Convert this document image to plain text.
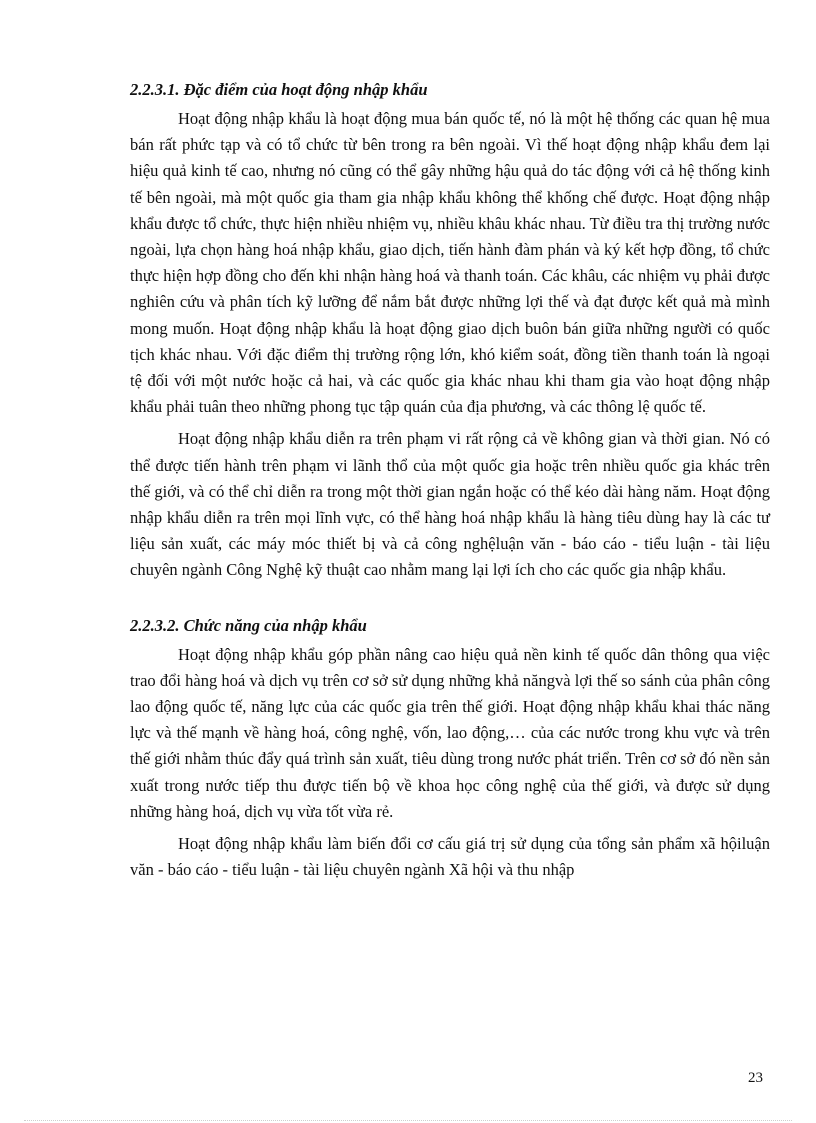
2.2.3.1. Đặc điểm của hoạt động nhập khẩu

Hoạt động nhập khẩu là hoạt động mua bán quốc tế, nó là một hệ thống các quan hệ mua bán rất phức tạp và có tổ chức từ bên trong ra bên ngoài. Vì thế hoạt động nhập khẩu đem lại hiệu quả kinh tế cao, nhưng nó cũng có thể gây những hậu quả do tác động với cả hệ thống kinh tế bên ngoài, mà một quốc gia tham gia nhập khẩu không thể khống chế được. Hoạt động nhập khẩu được tổ chức, thực hiện nhiều nhiệm vụ, nhiều khâu khác nhau. Từ điều tra thị trường nước ngoài, lựa chọn hàng hoá nhập khẩu, giao dịch, tiến hành đàm phán và ký kết hợp đồng, tổ chức thực hiện hợp đồng cho đến khi nhận hàng hoá và thanh toán. Các khâu, các nhiệm vụ phải được nghiên cứu và phân tích kỹ lưỡng để nắm bắt được những lợi thế và đạt được kết quả mà mình mong muốn. Hoạt động nhập khẩu là hoạt động giao dịch buôn bán giữa những người có quốc tịch khác nhau. Với đặc điểm thị trường rộng lớn, khó kiểm soát, đồng tiền thanh toán là ngoại tệ đối với một nước hoặc cả hai, và các quốc gia khác nhau khi tham gia vào hoạt động nhập khẩu phải tuân theo những phong tục tập quán của địa phương, và các thông lệ quốc tế.

Hoạt động nhập khẩu diễn ra trên phạm vi rất rộng cả về không gian và thời gian. Nó có thể được tiến hành trên phạm vi lãnh thổ của một quốc gia hoặc trên nhiều quốc gia khác trên thế giới, và có thể chỉ diễn ra trong một thời gian ngắn hoặc có thể kéo dài hàng năm. Hoạt động nhập khẩu diễn ra trên mọi lĩnh vực, có thể hàng hoá nhập khẩu là hàng tiêu dùng hay là các tư liệu sản xuất, các máy móc thiết bị và cả công nghệluận văn - báo cáo - tiểu luận - tài liệu chuyên ngành Công Nghệ kỹ thuật cao nhằm mang lại lợi ích cho các quốc gia nhập khẩu.

2.2.3.2. Chức năng của nhập khẩu

Hoạt động nhập khẩu góp phần nâng cao hiệu quả nền kinh tế quốc dân thông qua việc trao đổi hàng hoá và dịch vụ trên cơ sở sử dụng những khả năngvà lợi thế so sánh của phân công lao động quốc tế, năng lực của các quốc gia trên thế giới. Hoạt động nhập khẩu khai thác năng lực và thế mạnh về hàng hoá, công nghệ, vốn, lao động,… của các nước trong khu vực và trên thế giới nhằm thúc đẩy quá trình sản xuất, tiêu dùng trong nước phát triển. Trên cơ sở đó nền sản xuất trong nước tiếp thu được tiến bộ về khoa học công nghệ của thế giới, và được sử dụng những hàng hoá, dịch vụ vừa tốt vừa rẻ.

Hoạt động nhập khẩu làm biến đổi cơ cấu giá trị sử dụng của tổng sản phẩm xã hộiluận văn - báo cáo - tiểu luận - tài liệu chuyên ngành Xã hội và thu nhập

23
